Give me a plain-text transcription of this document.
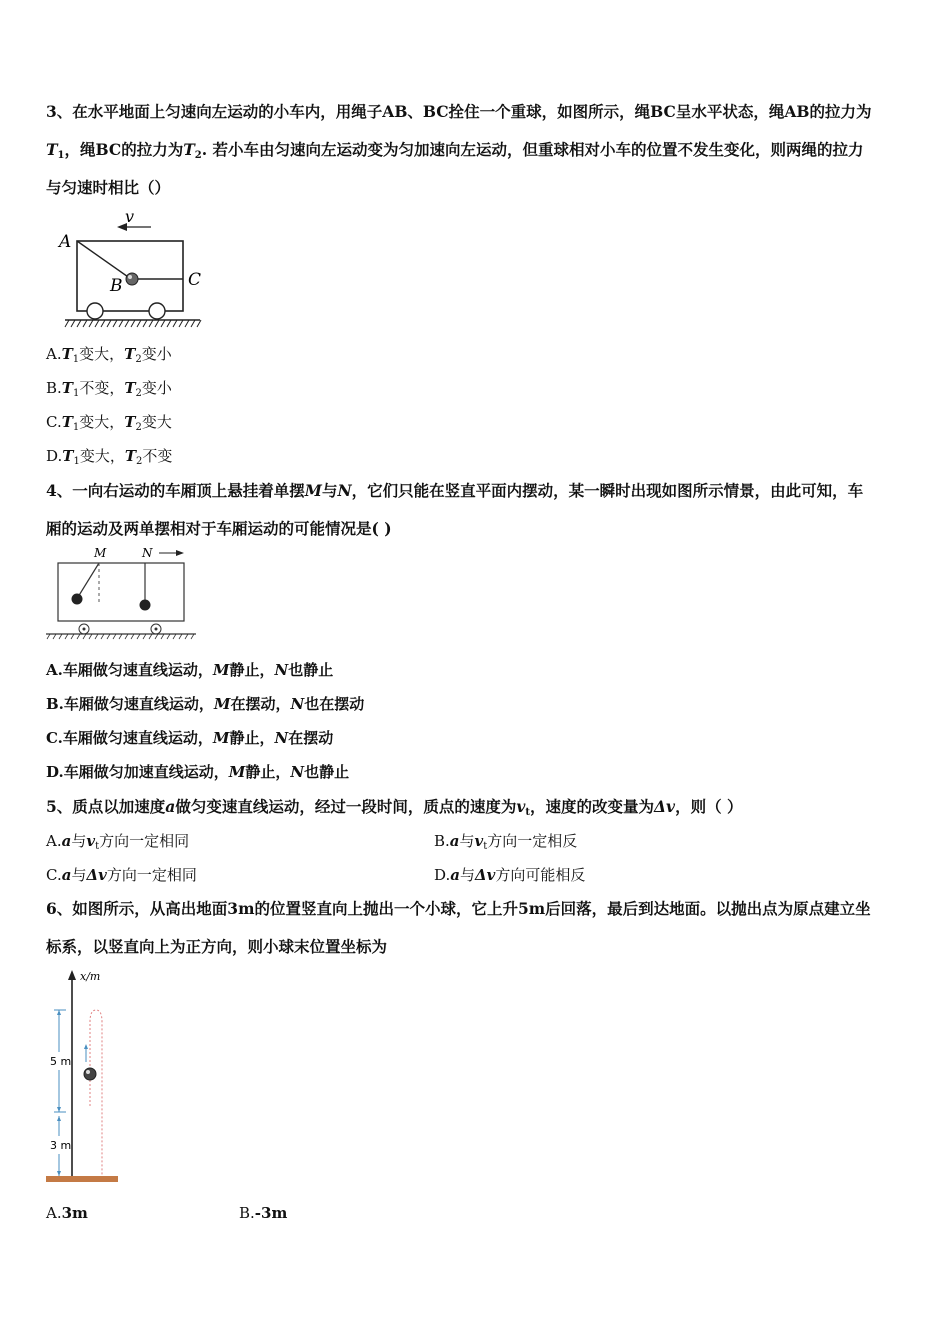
3、在水平地面上匀速向左运动的小车内，用绳子AB、BC拴住一个重球，如图所示，绳BC呈水平状态，绳AB的拉力为
$T_1$，绳BC的拉力为$T_2$. 若小车由匀速向左运动变为匀加速向左运动，但重球相对小车的位置不发生变化，则两绳的拉力
与匀速时相比（）
v
A
B	C
$A.T_1$变大，$T_2$变小
$B.T_1$不变，$T_2$变小
$C.T_1$变大，$T_2$变大
$D.T_1$变大，$T_2$不变
4、一向右运动的车厢顶上悬挂着单摆M与N，它们只能在竖直平面内摆动，某一瞬时出现如图所示情景，由此可知，车
厢的运动及两单摆相对于车厢运动的可能情况是( )
M	N
A.车厢做匀速直线运动，M静止，N也静止
B.车厢做匀速直线运动，M在摆动，N也在摆动
C.车厢做匀速直线运动，M静止，N在摆动
D.车厢做匀加速直线运动，M静止，N也静止
5、质点以加速度a做匀变速直线运动，经过一段时间，质点的速度为$v_t$，速度的改变量为Δv，则（ ）
A.a与$v_t$方向一定相同	B.a与$v_t$方向一定相反
C.a与Δv方向一定相同	D.a与Δv方向可能相反
6、如图所示，从高出地面3m的位置竖直向上抛出一个小球，它上升5m后回落，最后到达地面。以抛出点为原点建立坐
标系，以竖直向上为正方向，则小球末位置坐标为
x/m
5 m
3 m
A.3m	B.-3m
